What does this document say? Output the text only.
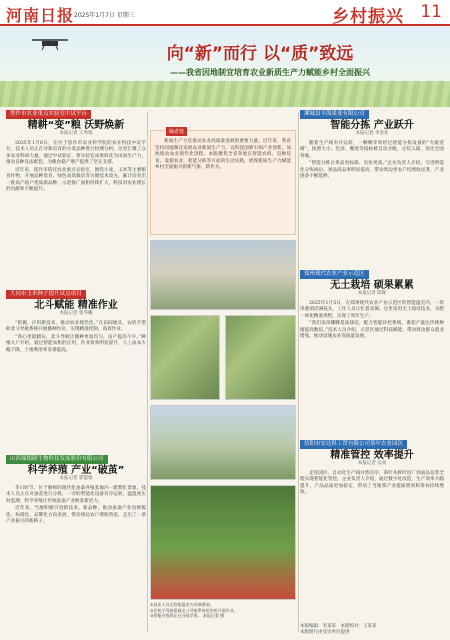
河南日报 2025年1月7日 星期三	乡村振兴 11
向“新”而行 以“质”致远
——我省因地制宜培育农业新质生产力赋能乡村全面振兴
焦作市农业重点实验室中试平台
精耕“变”粮 沃野焕新
本报记者 王秀娟

2025年1月6日，在位于焦作市农业科学院的农业科技中试平台，技术人员正在对新培育的小麦品种进行检测分析。这里汇聚了众多农业科研力量，通过中试验证，将实验室成果转化为田间生产力，推动良种良法配套，为粮食稳产增产提供了坚实支撑。

近年来，焦作市依托农业重点实验室，围绕小麦、玉米等主要粮食作物，开展品种选育、绿色高效栽培等关键技术攻关，累计培育出一批高产稳产优质新品种，示范推广面积持续扩大，科技对农业增长的贡献率不断提升。

大同市玉米种子提升试点项目
北斗赋能 精准作业
本报记者 张华曦

“把握、应用新技术，推动农业现代化。”在田间地头，农机手借助北斗导航系统开展播种作业，实现精准控制、高效作业。

“我心里最踏实，北斗导航让播种更加均匀，亩产提高不少。”种植大户介绍，通过智能农机的应用，作业效率明显提升，人工成本大幅下降，土地利用率显著提高。

山西瑞德隆生物科技发展股份有限公司
科学养殖 产业“破茧”
本报记者 郭慧娟

冬日时节，位于偃师的现代化蚕桑养殖基地内一派繁忙景象。技术人员正在对蚕茧进行分拣，一旁的智能化设备有序运转，温湿度实时监测，科学养殖让传统蚕桑产业焕发新活力。

近年来，当地积极引进新技术、新品种，推动蚕桑产业向规模化、标准化、品牌化方向发展，带动周边农户增收致富，走出了一条产业振兴的新路子。

编者按

新质生产力是推动农业高质量发展的重要力量。近年来，我省坚持因地制宜发展农业新质生产力，以科技创新引领产业创新，加快推动农业现代化进程。本版聚焦全省各地在智能农机、良种培育、设施农业、智能分拣等方面的生动实践，展现新质生产力赋能乡村全面振兴的新气象、新作为。

①技术人员在智能温室内采摘番茄。
②农机手驾驶搭载北斗导航系统的农机开展作业。
③智能分拣线正在分拣苹果。 本报记者 摄
漯城县丰海果业有限公司
智能分拣 产业跃升
本报记者 李金亚

随着生产线有序运转，一颗颗苹果经过智能分拣设备的“火眼金睛”，按照大小、色泽、糖度等指标被自动分级，分装入箱，发往全国各地。

“智能分拣让果品更标准、卖价更高。”企业负责人介绍，引进智能化分拣线后，果品商品率明显提高，带动周边果农户均增收显著，产业链条不断延伸。

郑州现代农业产业示范区
无土栽培 硕果累累
本报记者 陈辉

2025年1月5日，在郑州现代农业产业示范区的智能温室内，一串串番茄挂满枝头，工作人员正忙着采摘。这里采用无土栽培技术，水肥一体化精准供给，实现了周年生产。

“我们采用椰糠基质栽培，配合智能环控系统，番茄产量比传统种植提高数倍。”技术人员介绍，示范区通过科技赋能，带动周边群众就业增收，推动设施农业高质量发展。

信阳市安达科工贸有限公司茶叶农业园区
精准管控 效率提升
本报记者 岳南

走进园区，自动化生产线井然有序，茶叶从鲜叶进厂到成品包装全程实现智能化管控。企业负责人介绍，通过数字化改造，生产效率大幅提升，产品品质更加稳定，带动了当地茶产业提质增效和茶农持续增收。

本版编辑：李某某　本版校对：王某某
本版图片由受访单位提供
